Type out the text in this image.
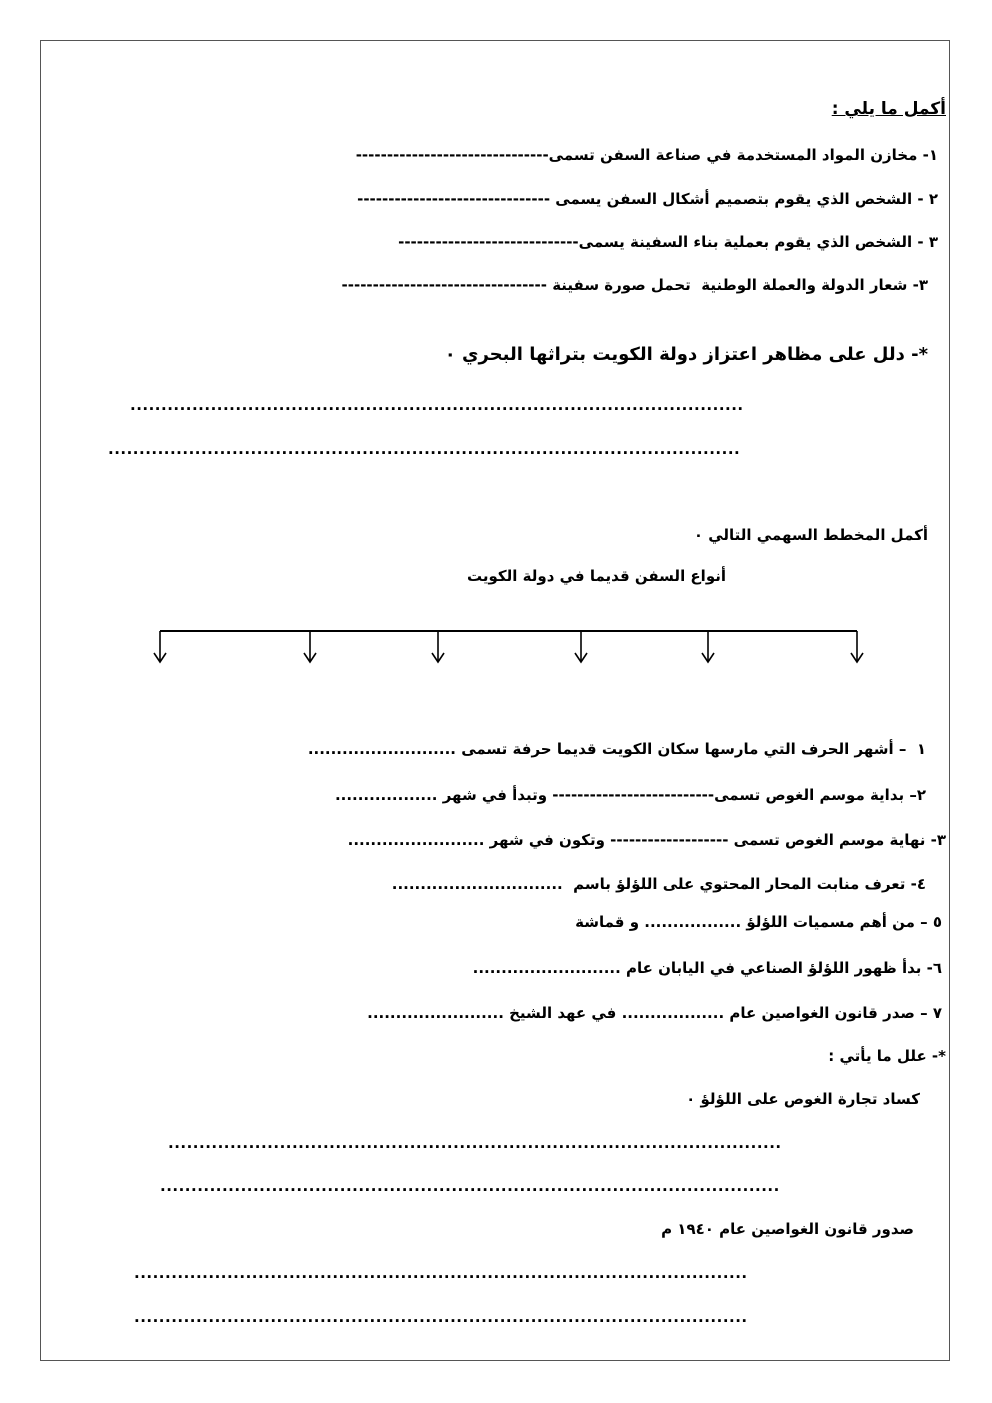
أكمل ما يلي :
١- مخازن المواد المستخدمة في صناعة السفن تسمى-------------------------------
٢ - الشخص الذي يقوم بتصميم أشكال السفن يسمى -------------------------------
٣ - الشخص الذي يقوم بعملية بناء السفينة يسمى-----------------------------
٣- شعار الدولة والعملة الوطنية  تحمل صورة سفينة ---------------------------------
*- دلل على مظاهر اعتزاز دولة الكويت بتراثها البحري ٠
...................................................................................................
......................................................................................................
أكمل المخطط السهمي التالي ٠
أنواع السفن قديما في دولة الكويت
١  – أشهر الحرف التي مارسها سكان الكويت قديما حرفة تسمى ..........................
٢– بداية موسم الغوص تسمى-------------------------- وتبدأ في شهر ..................
٣- نهاية موسم الغوص تسمى ------------------- وتكون في شهر ........................
٤- تعرف منابت المحار المحتوي على اللؤلؤ باسم  ..............................
٥ – من أهم مسميات اللؤلؤ ................. و قماشة
٦- بدأ ظهور اللؤلؤ الصناعي في اليابان عام ..........................
٧ – صدر قانون الغواصين عام .................. في عهد الشيخ ........................
*- علل ما يأتي :
كساد تجارة الغوص على اللؤلؤ ٠
...................................................................................................
....................................................................................................
صدور قانون الغواصين عام ١٩٤٠ م
...................................................................................................
...................................................................................................
